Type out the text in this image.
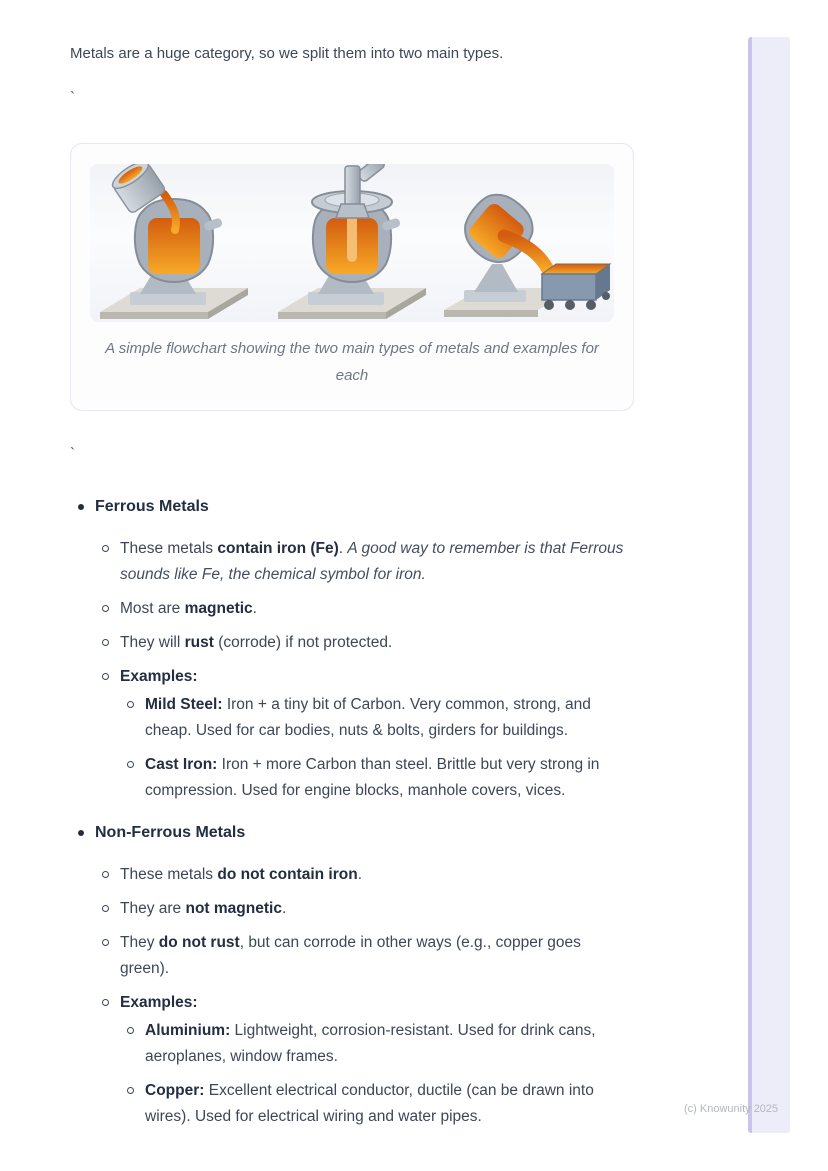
Metals are a huge category, so we split them into two main types.

`

A simple flowchart showing the two main types of metals and examples for each

`
Ferrous Metals
These metals contain iron (Fe). A good way to remember is that Ferrous sounds like Fe, the chemical symbol for iron.
Most are magnetic.
They will rust (corrode) if not protected.
Examples:
Mild Steel: Iron + a tiny bit of Carbon. Very common, strong, and cheap. Used for car bodies, nuts & bolts, girders for buildings.
Cast Iron: Iron + more Carbon than steel. Brittle but very strong in compression. Used for engine blocks, manhole covers, vices.
Non-Ferrous Metals
These metals do not contain iron.
They are not magnetic.
They do not rust, but can corrode in other ways (e.g., copper goes green).
Examples:
Aluminium: Lightweight, corrosion-resistant. Used for drink cans, aeroplanes, window frames.
Copper: Excellent electrical conductor, ductile (can be drawn into wires). Used for electrical wiring and water pipes.	(c) Knowunity 2025
